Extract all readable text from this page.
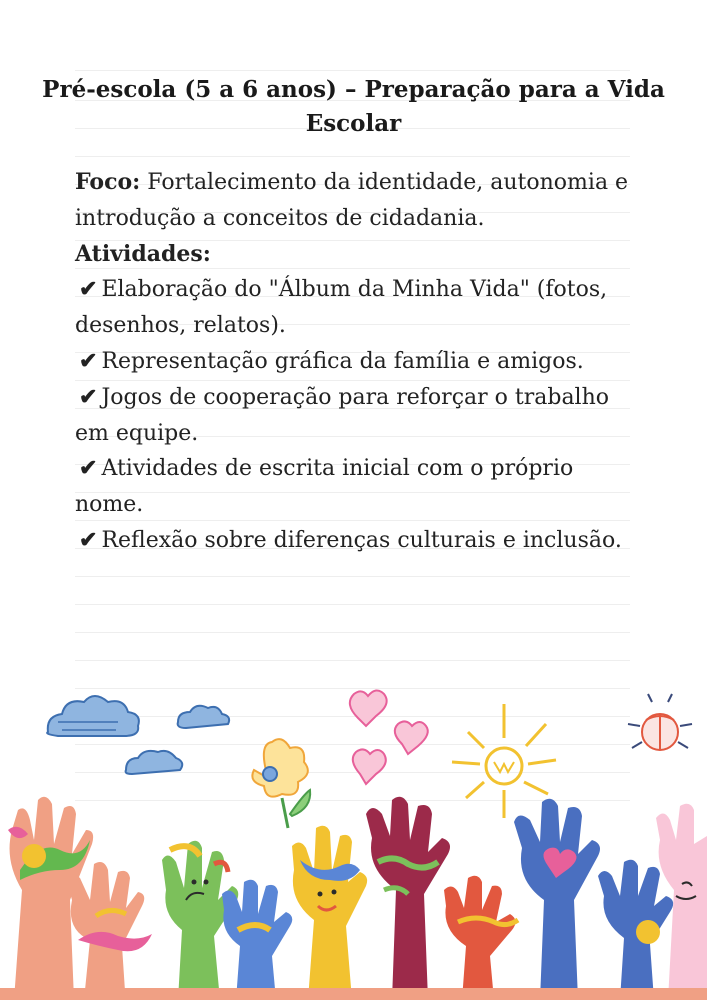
Pré-escola (5 a 6 anos) – Preparação para a Vida Escolar

Foco: Fortalecimento da identidade, autonomia e introdução a conceitos de cidadania.

Atividades:

✔ Elaboração do "Álbum da Minha Vida" (fotos, desenhos, relatos).

✔ Representação gráfica da família e amigos.

✔ Jogos de cooperação para reforçar o trabalho em equipe.

✔ Atividades de escrita inicial com o próprio nome.

✔ Reflexão sobre diferenças culturais e inclusão.
